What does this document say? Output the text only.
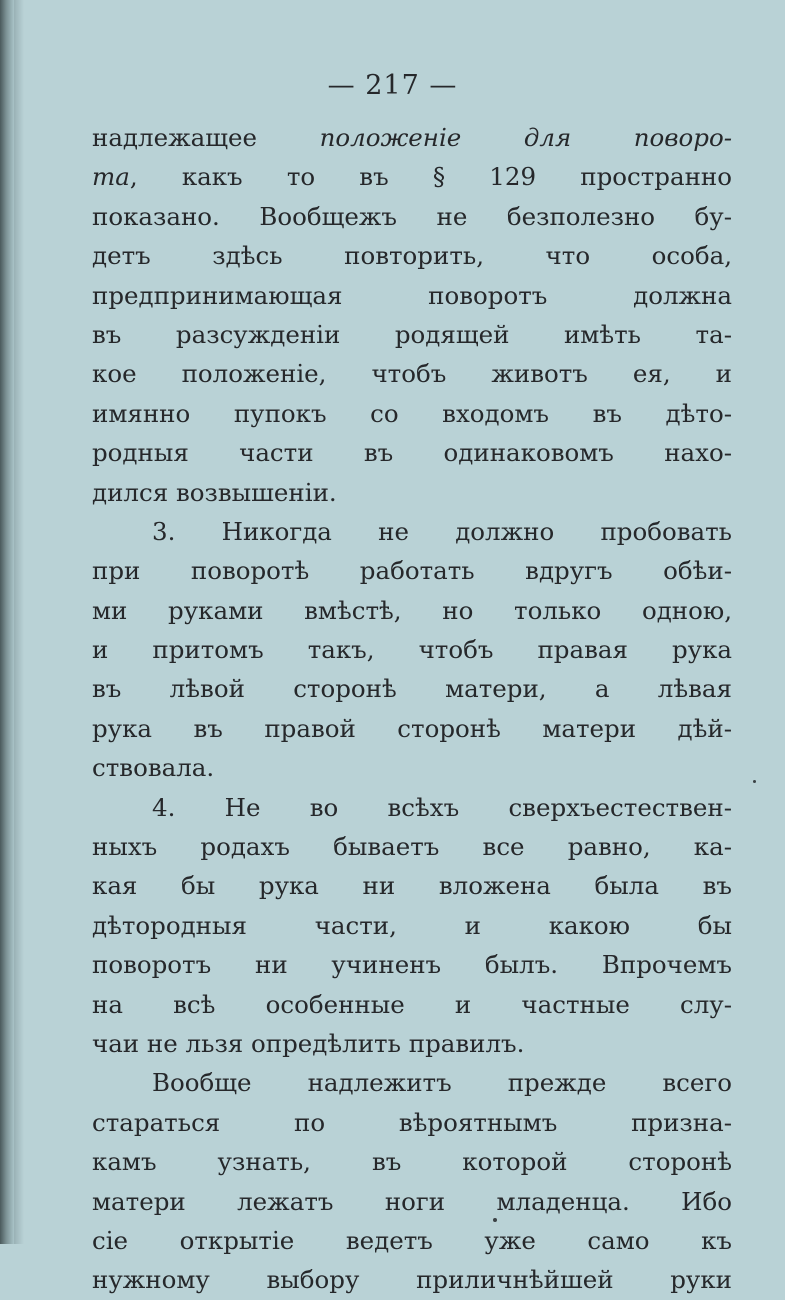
— 217 —
надлежащее	положеніе для поворо-
та, какъ то въ § 129 пространно
показано. Вообщежъ не безполезно бу-
детъ здѣсь повторить, что особа,
предпринимающая поворотъ должна
въ разсужденіи родящей имѣть та-
кое положеніе, чтобъ животъ ея, и
имянно пупокъ со входомъ въ дѣто-
родныя части въ одинаковомъ нахо-
дился возвышеніи.
3. Никогда не должно пробовать
при поворотѣ работать вдругъ обѣи-
ми руками вмѣстѣ, но только одною,
и притомъ такъ, чтобъ правая рука
въ лѣвой сторонѣ матери, а лѣвая
рука въ правой сторонѣ матери дѣй-
ствовала.
4. Не во всѣхъ сверхъестествен-
ныхъ родахъ бываетъ все равно, ка-
кая бы рука ни вложена была въ
дѣтородныя части, и какою бы
поворотъ ни учиненъ былъ. Впрочемъ
на всѣ особенные и частные слу-
чаи не льзя опредѣлить правилъ.
Вообще надлежитъ прежде всего
стараться по вѣроятнымъ призна-
камъ узнать, въ которой сторонѣ
матери лежатъ ноги младенца. Ибо
сіе открытіе ведетъ уже само къ
нужному выбору приличнѣйшей руки
